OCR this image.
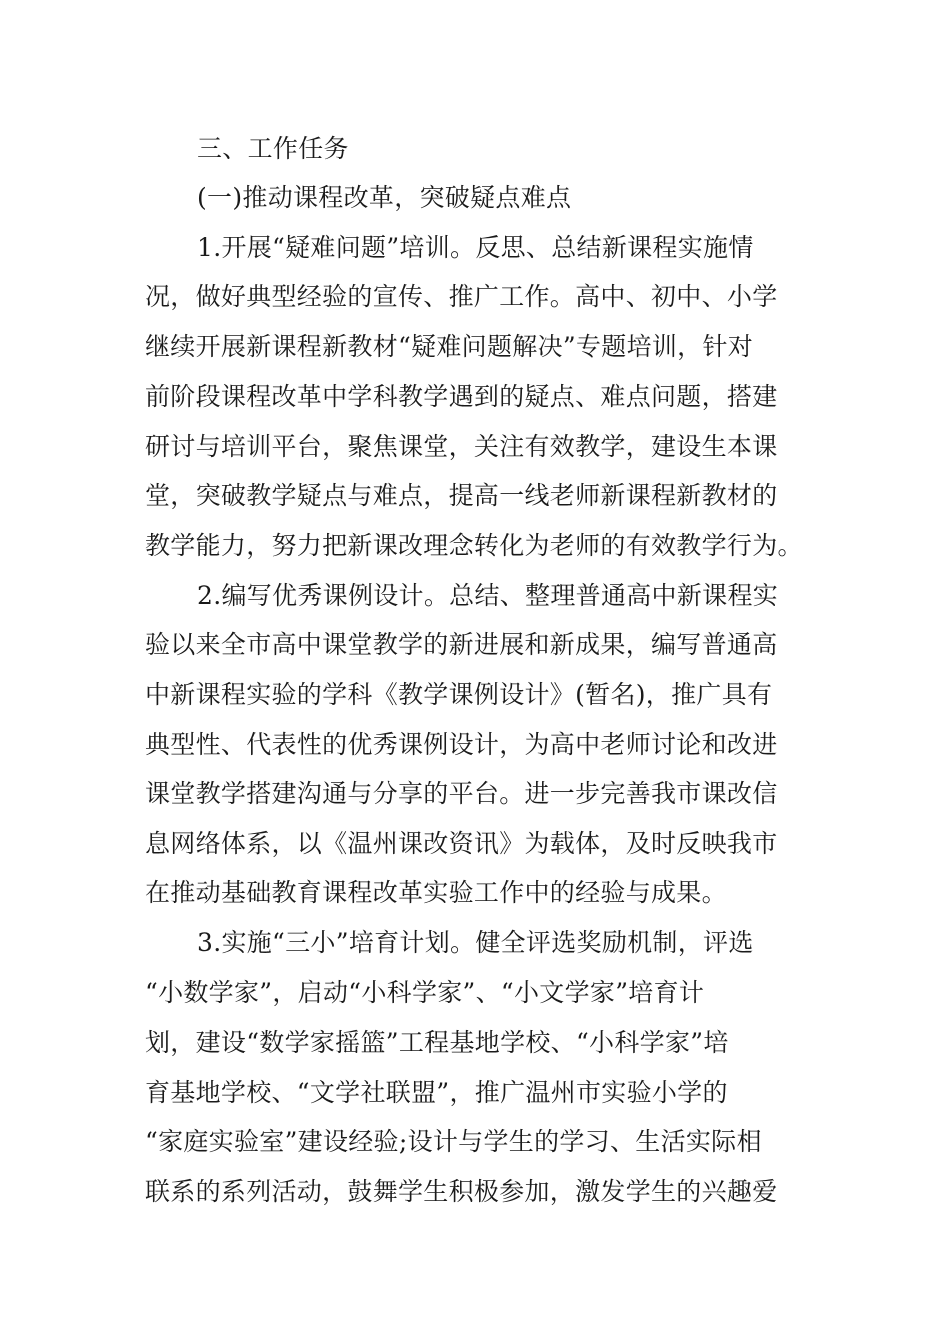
三、工作任务
(一)推动课程改革，突破疑点难点
1.开展“疑难问题”培训。反思、总结新课程实施情
况，做好典型经验的宣传、推广工作。高中、初中、小学
继续开展新课程新教材“疑难问题解决”专题培训，针对
前阶段课程改革中学科教学遇到的疑点、难点问题，搭建
研讨与培训平台，聚焦课堂，关注有效教学，建设生本课
堂，突破教学疑点与难点，提高一线老师新课程新教材的
教学能力，努力把新课改理念转化为老师的有效教学行为。
2.编写优秀课例设计。总结、整理普通高中新课程实
验以来全市高中课堂教学的新进展和新成果，编写普通高
中新课程实验的学科《教学课例设计》(暂名)，推广具有
典型性、代表性的优秀课例设计，为高中老师讨论和改进
课堂教学搭建沟通与分享的平台。进一步完善我市课改信
息网络体系，以《温州课改资讯》为载体，及时反映我市
在推动基础教育课程改革实验工作中的经验与成果。
3.实施“三小”培育计划。健全评选奖励机制，评选
“小数学家”，启动“小科学家”、“小文学家”培育计
划，建设“数学家摇篮”工程基地学校、“小科学家”培
育基地学校、“文学社联盟”，推广温州市实验小学的
“家庭实验室”建设经验;设计与学生的学习、生活实际相
联系的系列活动，鼓舞学生积极参加，激发学生的兴趣爱
